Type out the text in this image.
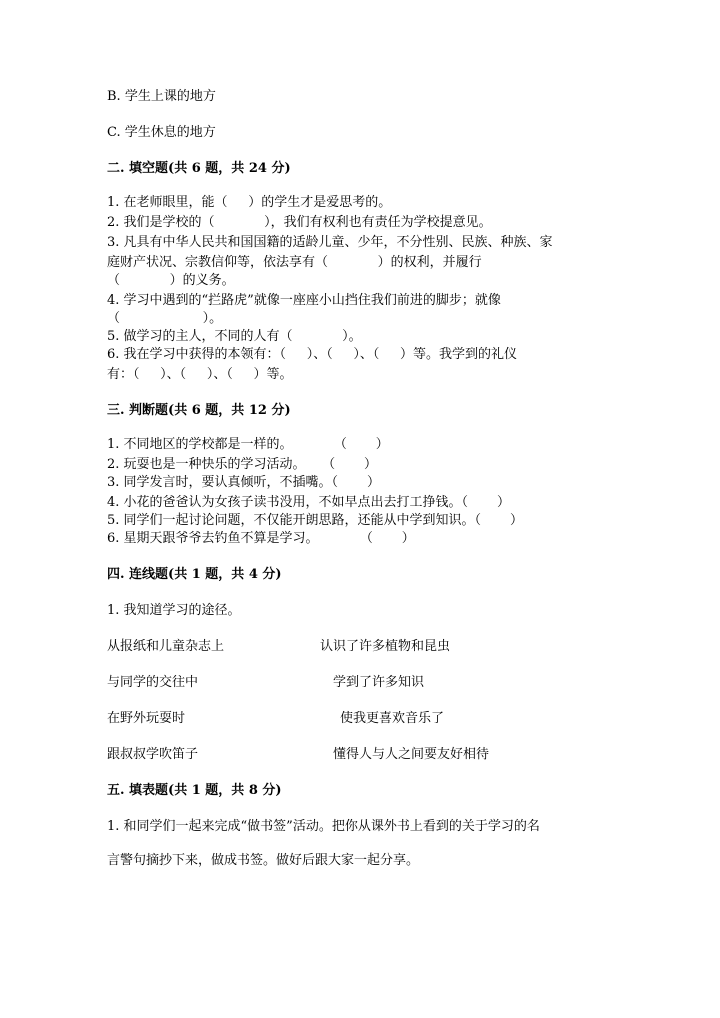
B. 学生上课的地方
C. 学生休息的地方
二. 填空题(共 6 题，共 24 分)
1. 在老师眼里，能（     ）的学生才是爱思考的。
2. 我们是学校的（            ），我们有权利也有责任为学校提意见。
3. 凡具有中华人民共和国国籍的适龄儿童、少年，不分性别、民族、种族、家
庭财产状况、宗教信仰等，依法享有（            ）的权利，并履行
（            ）的义务。
4. 学习中遇到的“拦路虎”就像一座座小山挡住我们前进的脚步；就像
（                    ）。
5. 做学习的主人，不同的人有（            ）。
6. 我在学习中获得的本领有：（     ）、（     ）、（     ）等。我学到的礼仪
有：（     ）、（     ）、（     ）等。
三. 判断题(共 6 题，共 12 分)
1. 不同地区的学校都是一样的。          （       ）
2. 玩耍也是一种快乐的学习活动。    （       ）
3. 同学发言时，要认真倾听，不插嘴。（       ）
4. 小花的爸爸认为女孩子读书没用，不如早点出去打工挣钱。（       ）
5. 同学们一起讨论问题，不仅能开朗思路，还能从中学到知识。（       ）
6. 星期天跟爷爷去钓鱼不算是学习。          （       ）
四. 连线题(共 1 题，共 4 分)
1. 我知道学习的途径。
从报纸和儿童杂志上	认识了许多植物和昆虫
与同学的交往中	学到了许多知识
在野外玩耍时	使我更喜欢音乐了
跟叔叔学吹笛子	懂得人与人之间要友好相待
五. 填表题(共 1 题，共 8 分)
1. 和同学们一起来完成“做书签”活动。把你从课外书上看到的关于学习的名
言警句摘抄下来，做成书签。做好后跟大家一起分享。
